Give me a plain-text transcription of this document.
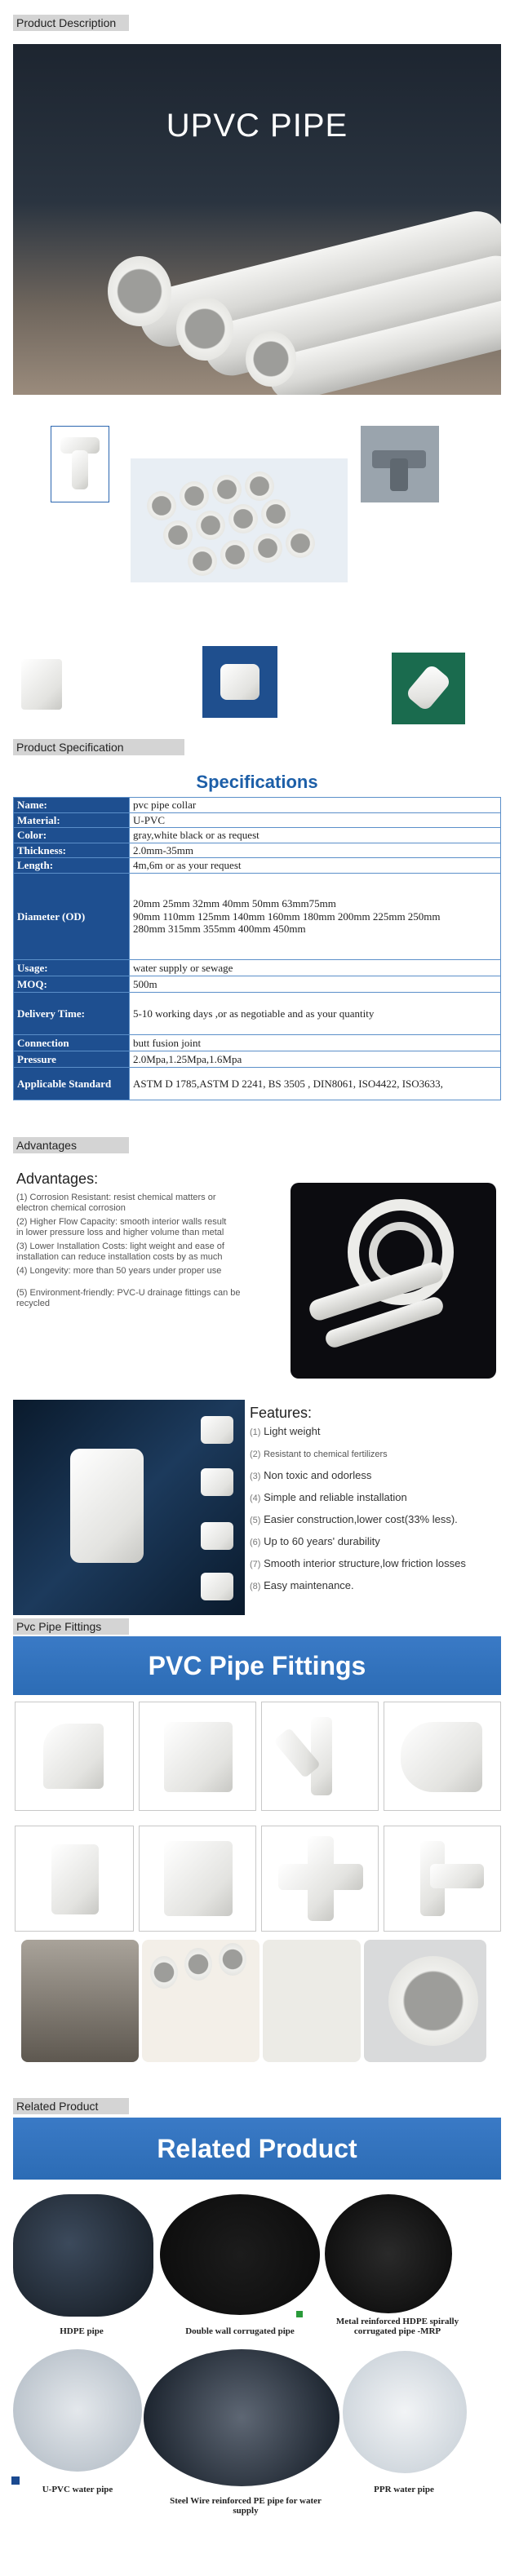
Product Description
UPVC PIPE
Product Specification
Specifications
Name:	pvc pipe collar
Material:	U-PVC
Color:	gray,white black or as request
Thickness:	2.0mm-35mm
Length:	4m,6m or as your request
Diameter (OD)	20mm 25mm 32mm 40mm 50mm 63mm75mm
90mm 110mm 125mm 140mm 160mm 180mm 200mm 225mm 250mm
280mm 315mm 355mm 400mm 450mm
Usage:	water supply or sewage
MOQ:	500m
Delivery Time:	5-10 working days ,or as negotiable and as your quantity
Connection	butt fusion joint
Pressure	2.0Mpa,1.25Mpa,1.6Mpa
Applicable Standard	ASTM D 1785,ASTM D 2241, BS 3505 , DIN8061, ISO4422, ISO3633,
Advantages
Advantages:

(1) Corrosion Resistant: resist chemical matters or electron chemical corrosion

(2) Higher Flow Capacity: smooth interior walls result
in lower pressure loss and higher volume than metal

(3) Lower Installation Costs: light weight and ease of
installation can reduce installation costs by as much

(4) Longevity: more than 50 years under proper use

(5) Environment-friendly: PVC-U drainage fittings can be recycled

Features:
(1) Light weight
(2) Resistant to chemical fertilizers
(3) Non toxic and odorless
(4) Simple and reliable installation
(5) Easier construction,lower cost(33% less).
(6) Up to 60 years' durability
(7) Smooth interior structure,low friction losses
(8) Easy maintenance.
Pvc Pipe Fittings
PVC Pipe Fittings
Related Product
Related Product
HDPE pipe	Double wall corrugated pipe
Metal reinforced HDPE spirally corrugated pipe -MRP
U-PVC water pipe
Steel Wire reinforced PE pipe for water supply
PPR water pipe
